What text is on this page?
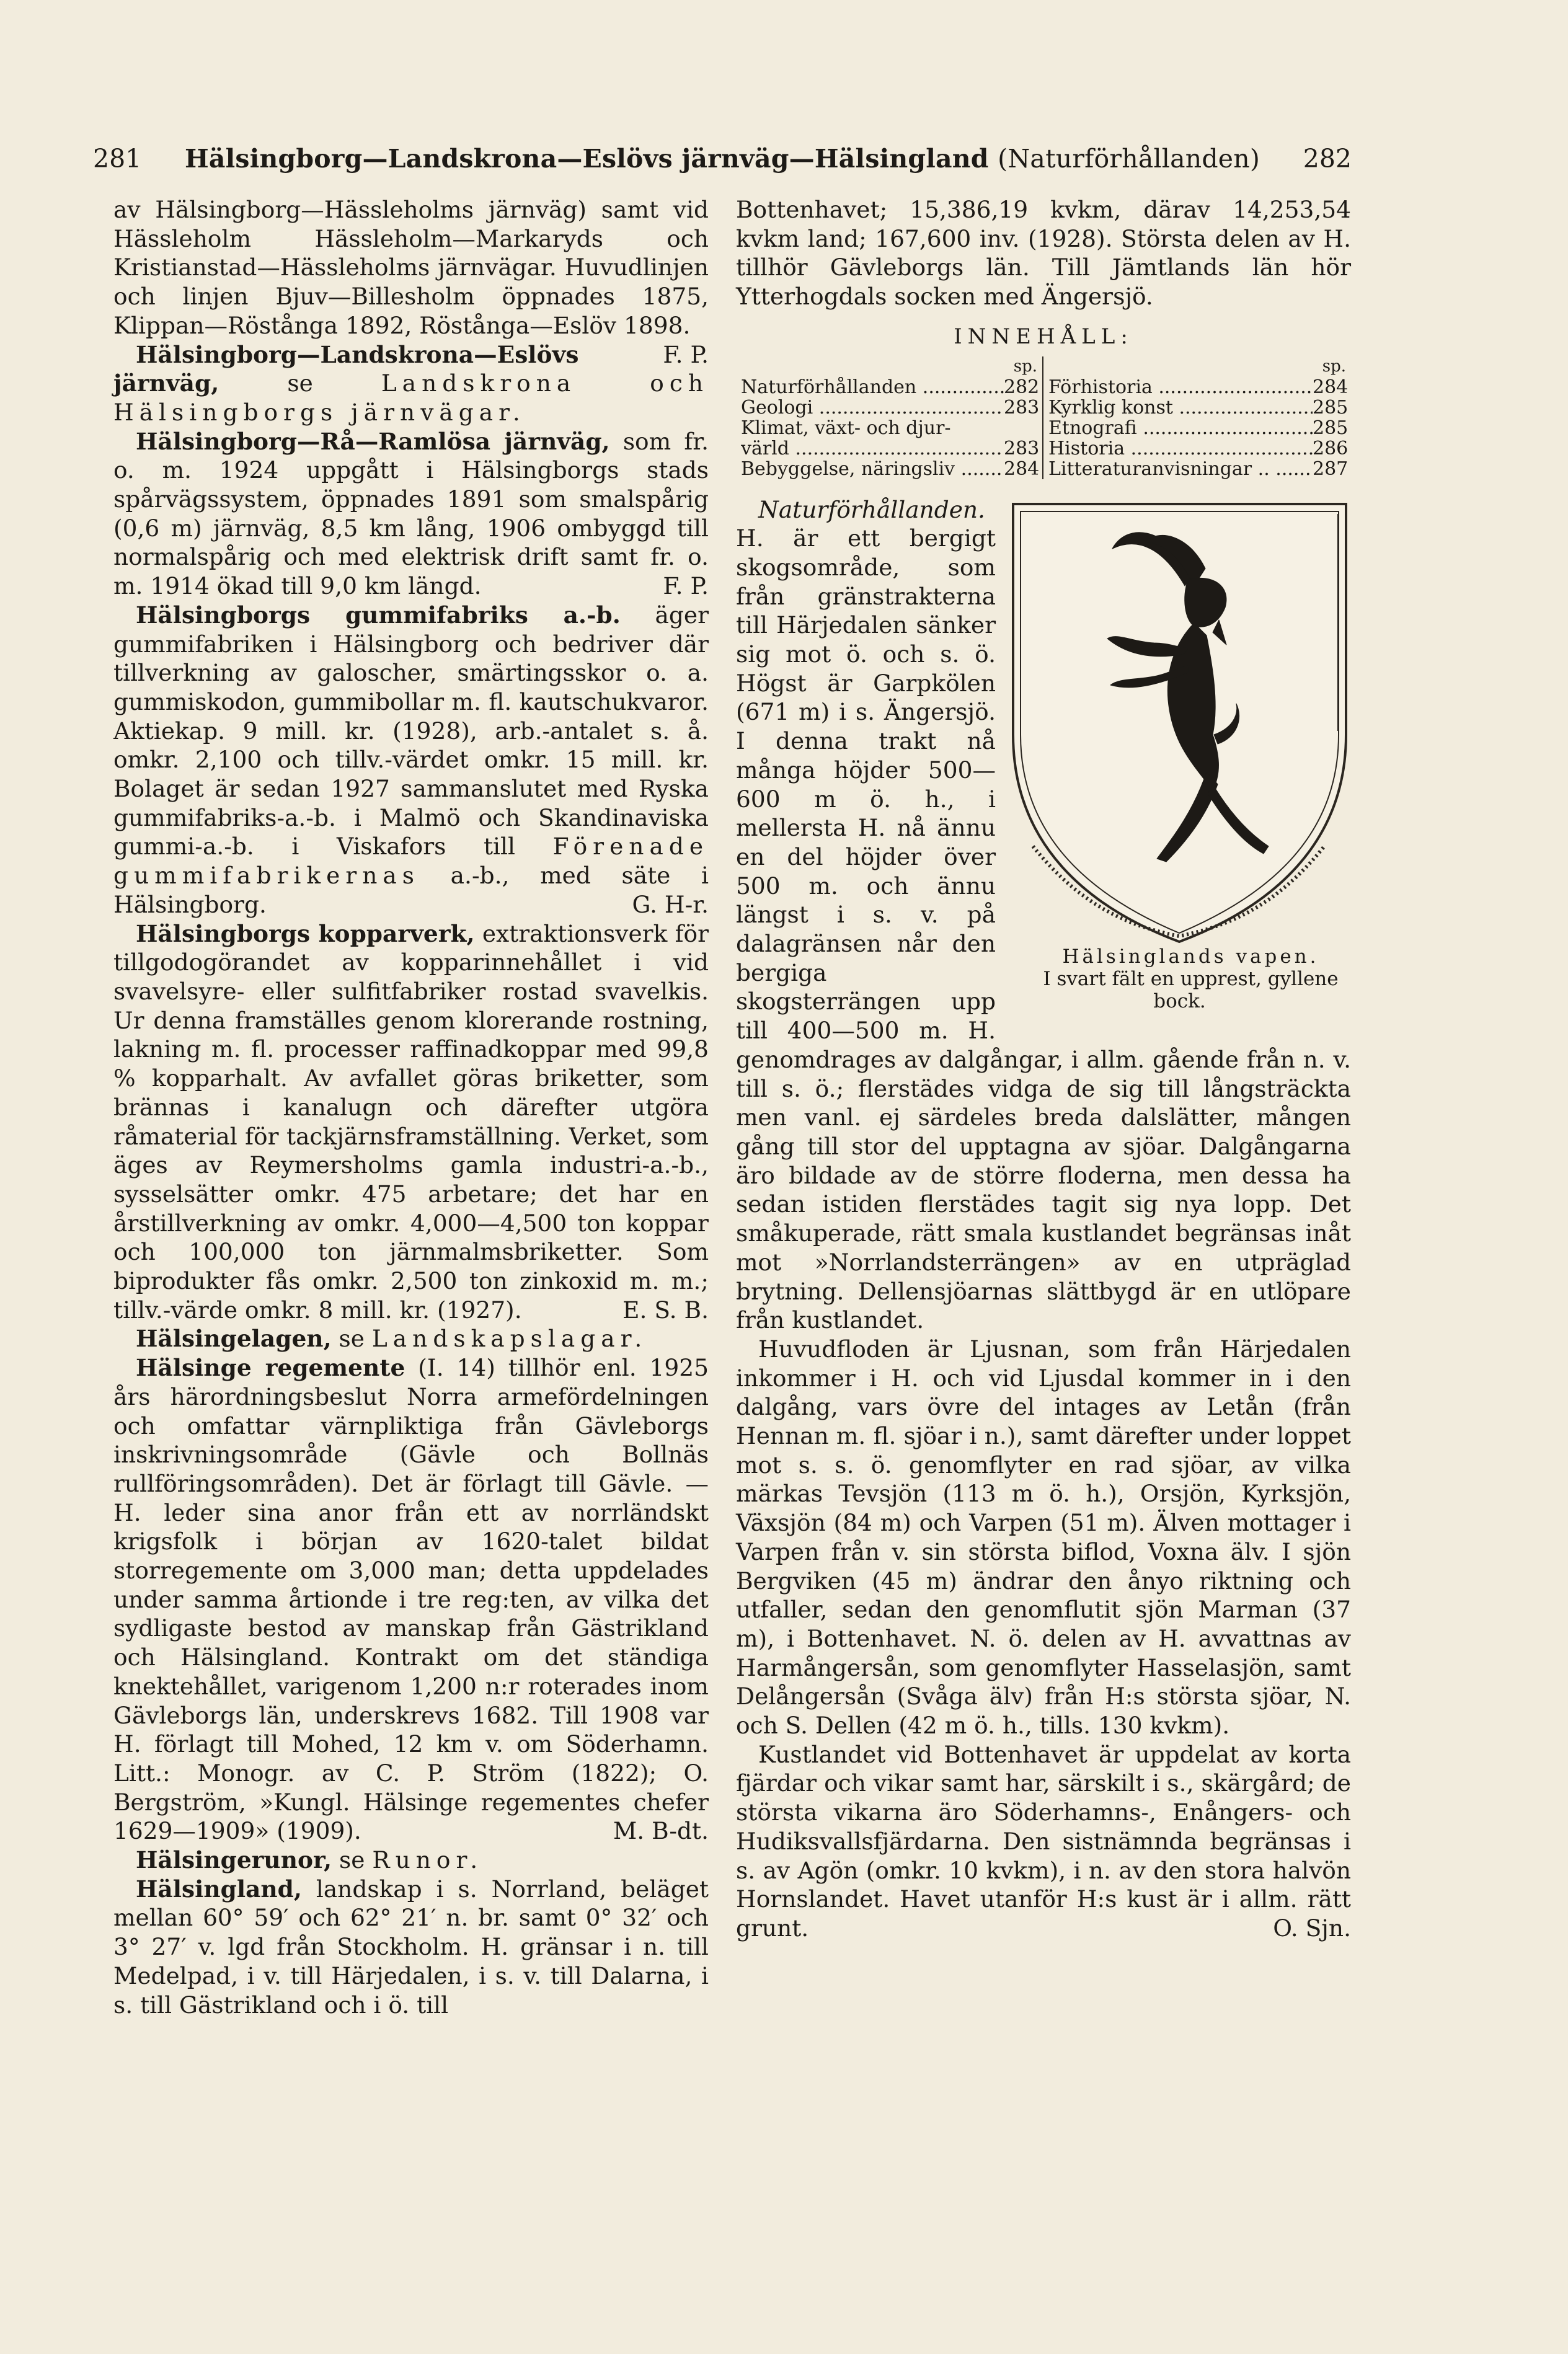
281 Hälsingborg—Landskrona—Eslövs järnväg—Hälsingland (Naturförhållanden) 282

av Hälsingborg—Hässleholms järnväg) samt vid Hässleholm Hässleholm—Markaryds och Kristianstad—Hässleholms järnvägar. Huvudlinjen och linjen Bjuv—Billesholm öppnades 1875, Klippan—Röstånga 1892, Röstånga—Eslöv 1898.
F. P.

Hälsingborg—Landskrona—Eslövs järnväg,	se	Landskrona och Hälsingborgs järnvägar.

Hälsingborg—Rå—Ramlösa järnväg, som fr. o. m. 1924 uppgått i Hälsingborgs stads spårvägssystem, öppnades 1891 som smalspårig (0,6 m) järnväg, 8,5 km lång, 1906 ombyggd till normalspårig och med elektrisk drift samt fr. o. m. 1914 ökad till 9,0 km längd.	F. P.

Hälsingborgs gummifabriks a.-b. äger gummifabriken i Hälsingborg och bedriver där tillverkning av galoscher, smärtingsskor o. a. gummiskodon, gummibollar m. fl. kautschukvaror. Aktiekap. 9 mill. kr. (1928), arb.-antalet s. å. omkr. 2,100 och tillv.-värdet omkr. 15 mill. kr. Bolaget är sedan 1927 sammanslutet med Ryska gummifabriks-a.-b. i Malmö och Skandinaviska gummi-a.-b. i Viskafors till Förenade gummifabrikernas a.-b., med säte i Hälsingborg.	G. H-r.

Hälsingborgs kopparverk, extraktionsverk för tillgodogörandet av kopparinnehållet i vid svavelsyre- eller sulfitfabriker rostad svavelkis. Ur denna framställes genom klorerande rostning, lakning m. fl. processer raffinadkoppar med 99,8 % kopparhalt. Av avfallet göras briketter, som brännas i kanalugn och därefter utgöra råmaterial för tackjärnsframställning. Verket, som äges av Reymersholms gamla industri-a.-b., sysselsätter omkr. 475 arbetare; det har en årstillverkning av omkr. 4,000—4,500 ton koppar och 100,000 ton järnmalmsbriketter. Som biprodukter fås omkr. 2,500 ton zinkoxid m. m.; tillv.-värde omkr. 8 mill. kr. (1927).	E. S. B.

Hälsingelagen, se Landskapslagar.

Hälsinge regemente (I. 14) tillhör enl. 1925 års härordningsbeslut Norra armefördelningen och omfattar värnpliktiga från Gävleborgs inskrivningsområde (Gävle och Bollnäs rullföringsområden). Det är förlagt till Gävle. — H. leder sina anor från ett av norrländskt krigsfolk i början av 1620-talet bildat storregemente om 3,000 man; detta uppdelades under samma årtionde i tre reg:ten, av vilka det sydligaste bestod av manskap från Gästrikland och Hälsingland. Kontrakt om det ständiga knektehållet, varigenom 1,200 n:r roterades inom Gävleborgs län, underskrevs 1682. Till 1908 var H. förlagt till Mohed, 12 km v. om Söderhamn. Litt.: Monogr. av C. P. Ström (1822); O. Bergström, »Kungl. Hälsinge regementes chefer 1629—1909» (1909).	M. B-dt.

Hälsingerunor, se Runor.

Hälsingland, landskap i s. Norrland, beläget mellan 60° 59′ och 62° 21′ n. br. samt 0° 32′ och 3° 27′ v. lgd från Stockholm. H. gränsar i n. till Medelpad, i v. till Härjedalen, i s. v. till Dalarna, i s. till Gästrikland och i ö. till

Bottenhavet; 15,386,19 kvkm, därav 14,253,54 kvkm land; 167,600 inv. (1928). Största delen av H. tillhör Gävleborgs län. Till Jämtlands län hör Ytterhogdals socken med Ängersjö.

INNEHÅLL:
sp.
Naturförhållanden .....	282
Geologi .....	283
Klimat, växt- och djur-
värld .....	283
Bebyggelse, näringsliv .....	284
sp.
Förhistoria .....	284
Kyrklig konst .....	285
Etnografi .....	285
Historia .....	286
Litteraturanvisningar .. .....	287

Hälsinglands vapen.
I svart fält en upprest, gyllene bock.
Naturförhållanden. H. är ett bergigt skogsområde, som från gränstrakterna till Härjedalen sänker sig mot ö. och s. ö. Högst är Garpkölen (671 m) i s. Ängersjö. I denna trakt nå många höjder 500—600 m ö. h., i mellersta H. nå ännu en del höjder över 500 m. och ännu längst i s. v. på dalagränsen når den bergiga skogsterrängen upp till 400—500 m. H. genomdrages av dalgångar, i allm. gående från n. v. till s. ö.; flerstädes vidga de sig till långsträckta men vanl. ej särdeles breda dalslätter, mången gång till stor del upptagna av sjöar. Dalgångarna äro bildade av de större floderna, men dessa ha sedan istiden flerstädes tagit sig nya lopp. Det småkuperade, rätt smala kustlandet begränsas inåt mot »Norrlandsterrängen» av en utpräglad brytning. Dellensjöarnas slättbygd är en utlöpare från kustlandet.

Huvudfloden är Ljusnan, som från Härjedalen inkommer i H. och vid Ljusdal kommer in i den dalgång, vars övre del intages av Letån (från Hennan m. fl. sjöar i n.), samt därefter under loppet mot s. s. ö. genomflyter en rad sjöar, av vilka märkas Tevsjön (113 m ö. h.), Orsjön, Kyrksjön, Växsjön (84 m) och Varpen (51 m). Älven mottager i Varpen från v. sin största biflod, Voxna älv. I sjön Bergviken (45 m) ändrar den ånyo riktning och utfaller, sedan den genomflutit sjön Marman (37 m), i Bottenhavet. N. ö. delen av H. avvattnas av Harmångersån, som genomflyter Hasselasjön, samt Delångersån (Svåga älv) från H:s största sjöar, N. och S. Dellen (42 m ö. h., tills. 130 kvkm).

Kustlandet vid Bottenhavet är uppdelat av korta fjärdar och vikar samt har, särskilt i s., skärgård; de största vikarna äro Söderhamns-, Enångers- och Hudiksvallsfjärdarna. Den sistnämnda begränsas i s. av Agön (omkr. 10 kvkm), i n. av den stora halvön Hornslandet. Havet utanför H:s kust är i allm. rätt grunt.	O. Sjn.
